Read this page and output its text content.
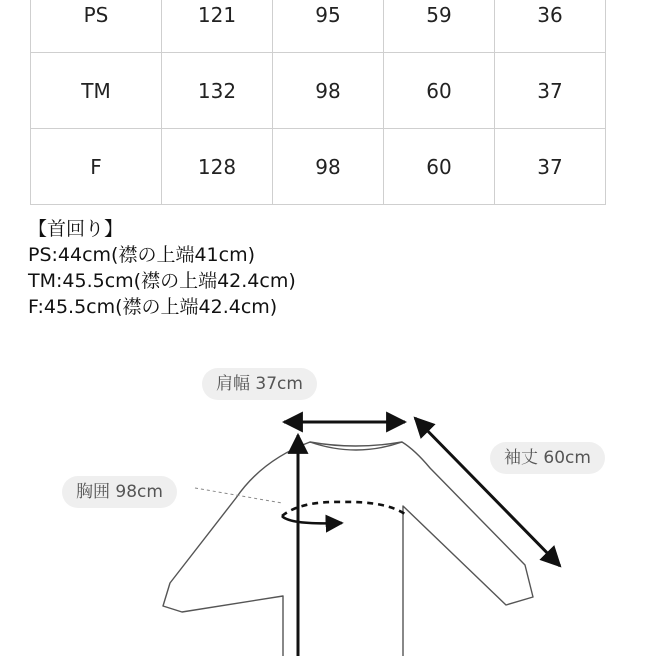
PS	121	95	59	36
TM	132	98	60	37
F	128	98	60	37
【首回り】
PS:44cm(襟の上端41cm)
TM:45.5cm(襟の上端42.4cm)
F:45.5cm(襟の上端42.4cm)
肩幅 37cm
袖丈 60cm
胸囲 98cm
